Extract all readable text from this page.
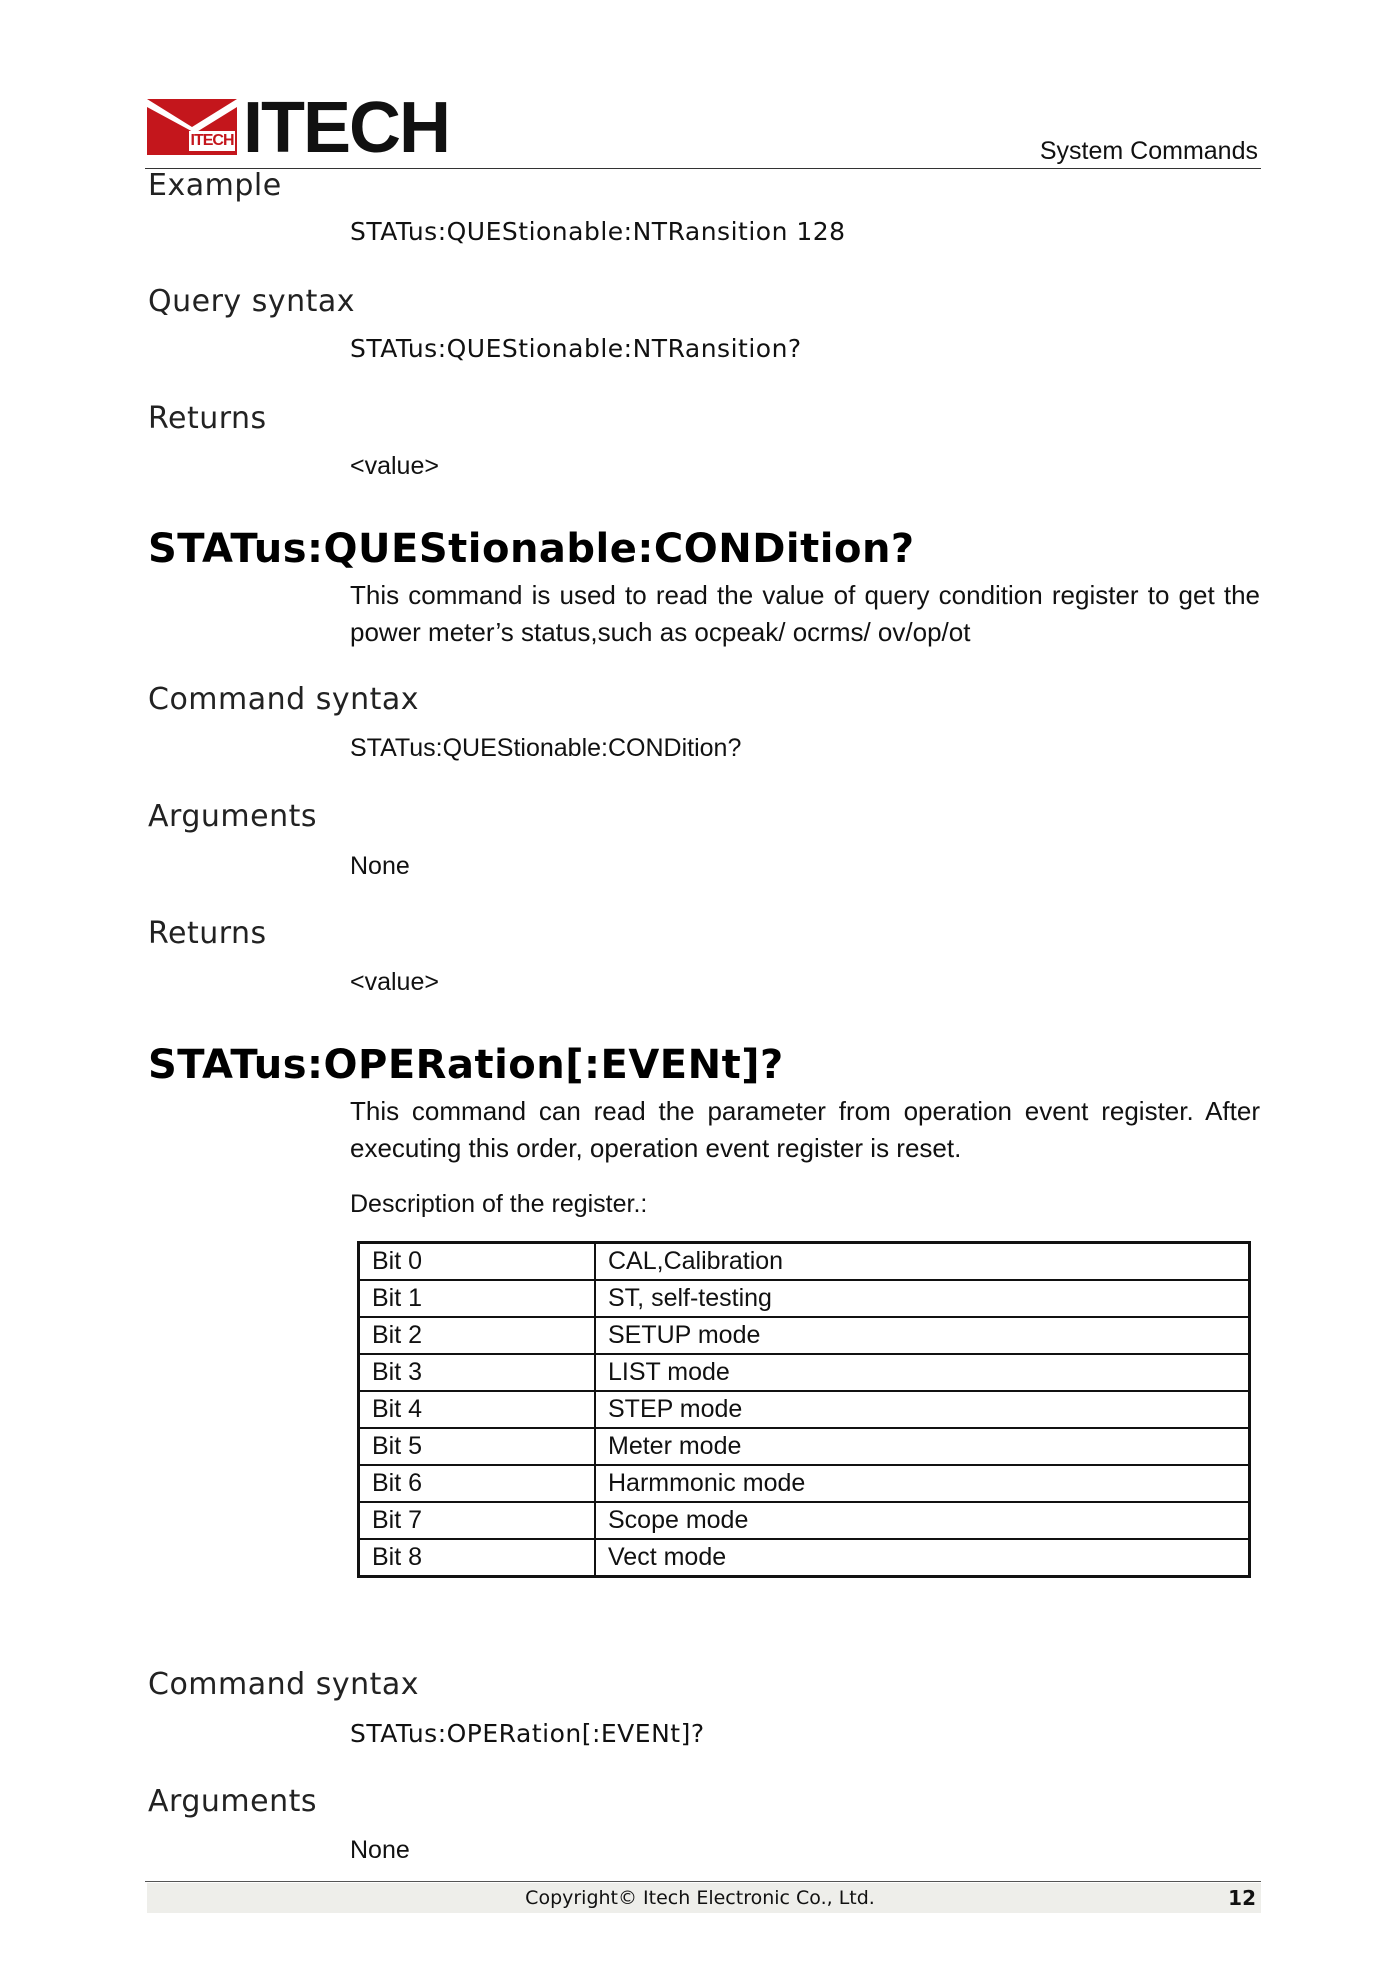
ITECH ITECH	System Commands
Example
STATus:QUEStionable:NTRansition 128
Query syntax
STATus:QUEStionable:NTRansition?
Returns
<value>
STATus:QUEStionable:CONDition?
This command is used to read the value of query condition register to get the power meter’s status,such as ocpeak/ ocrms/ ov/op/ot
Command syntax
STATus:QUEStionable:CONDition?
Arguments
None
Returns
<value>
STATus:OPERation[:EVENt]?
This command can read the parameter from operation event register. After executing this order, operation event register is reset.
Description of the register.:
Bit 0	CAL,Calibration
Bit 1	ST, self-testing
Bit 2	SETUP mode
Bit 3	LIST mode
Bit 4	STEP mode
Bit 5	Meter mode
Bit 6	Harmmonic mode
Bit 7	Scope mode
Bit 8	Vect mode
Command syntax
STATus:OPERation[:EVENt]?
Arguments
None
Copyright© Itech Electronic Co., Ltd.	12
